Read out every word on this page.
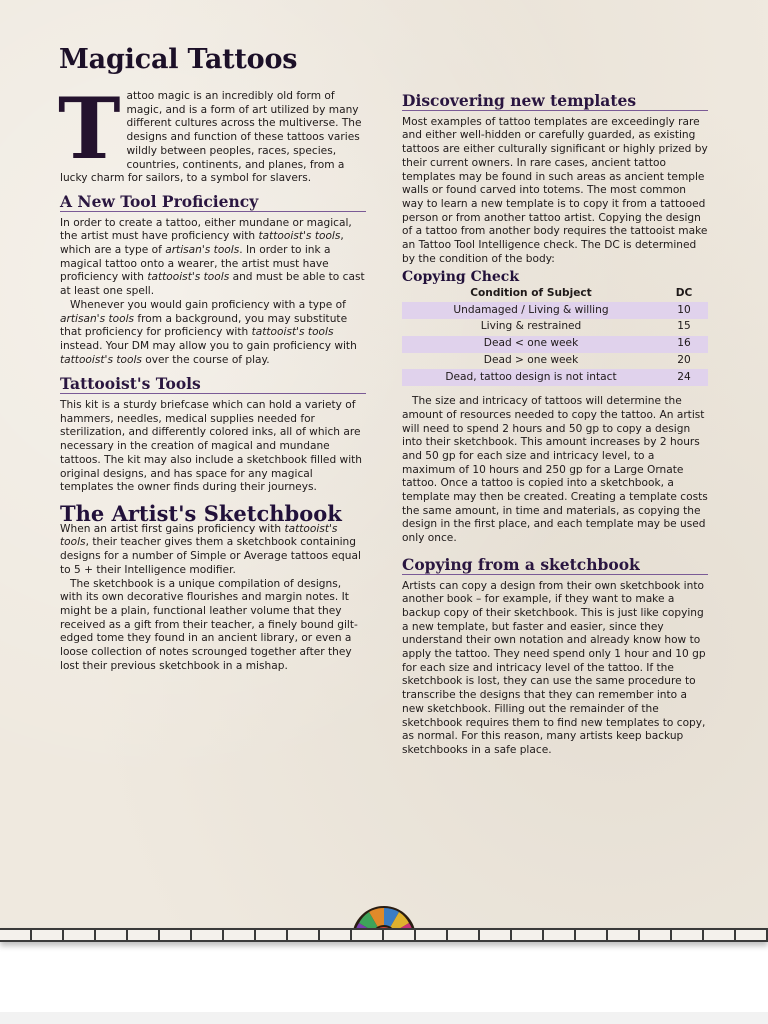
Magical Tattoos
T attoo magic is an incredibly old form of magic, and is a form of art utilized by many different cultures across the multiverse. The designs and function of these tattoos varies wildly between peoples, races, species, countries, continents, and planes, from a lucky charm for sailors, to a symbol for slavers.

A New Tool Proficiency

In order to create a tattoo, either mundane or magical, the artist must have proficiency with tattooist's tools, which are a type of artisan's tools. In order to ink a magical tattoo onto a wearer, the artist must have proficiency with tattooist's tools and must be able to cast at least one spell.

Whenever you would gain proficiency with a type of artisan's tools from a background, you may substitute that proficiency for proficiency with tattooist's tools instead. Your DM may allow you to gain proficiency with tattooist's tools over the course of play.

Tattooist's Tools

This kit is a sturdy briefcase which can hold a variety of hammers, needles, medical supplies needed for sterilization, and differently colored inks, all of which are necessary in the creation of magical and mundane tattoos. The kit may also include a sketchbook filled with original designs, and has space for any magical templates the owner finds during their journeys.

The Artist's Sketchbook

When an artist first gains proficiency with tattooist's tools, their teacher gives them a sketchbook containing designs for a number of Simple or Average tattoos equal to 5 + their Intelligence modifier.

The sketchbook is a unique compilation of designs, with its own decorative flourishes and margin notes. It might be a plain, functional leather volume that they received as a gift from their teacher, a finely bound gilt-edged tome they found in an ancient library, or even a loose collection of notes scrounged together after they lost their previous sketchbook in a mishap.

Discovering new templates

Most examples of tattoo templates are exceedingly rare and either well-hidden or carefully guarded, as existing tattoos are either culturally significant or highly prized by their current owners. In rare cases, ancient tattoo templates may be found in such areas as ancient temple walls or found carved into totems. The most common way to learn a new template is to copy it from a tattooed person or from another tattoo artist. Copying the design of a tattoo from another body requires the tattooist make an Tattoo Tool Intelligence check. The DC is determined by the condition of the body:

Copying Check
Condition of Subject	DC
Undamaged / Living & willing	10
Living & restrained	15
Dead < one week	16
Dead > one week	20
Dead, tattoo design is not intact	24

The size and intricacy of tattoos will determine the amount of resources needed to copy the tattoo. An artist will need to spend 2 hours and 50 gp to copy a design into their sketchbook. This amount increases by 2 hours and 50 gp for each size and intricacy level, to a maximum of 10 hours and 250 gp for a Large Ornate tattoo. Once a tattoo is copied into a sketchbook, a template may then be created. Creating a template costs the same amount, in time and materials, as copying the design in the first place, and each template may be used only once.

Copying from a sketchbook

Artists can copy a design from their own sketchbook into another book – for example, if they want to make a backup copy of their sketchbook. This is just like copying a new template, but faster and easier, since they understand their own notation and already know how to apply the tattoo. They need spend only 1 hour and 10 gp for each size and intricacy level of the tattoo. If the sketchbook is lost, they can use the same procedure to transcribe the designs that they can remember into a new sketchbook. Filling out the remainder of the sketchbook requires them to find new templates to copy, as normal. For this reason, many artists keep backup sketchbooks in a safe place.
